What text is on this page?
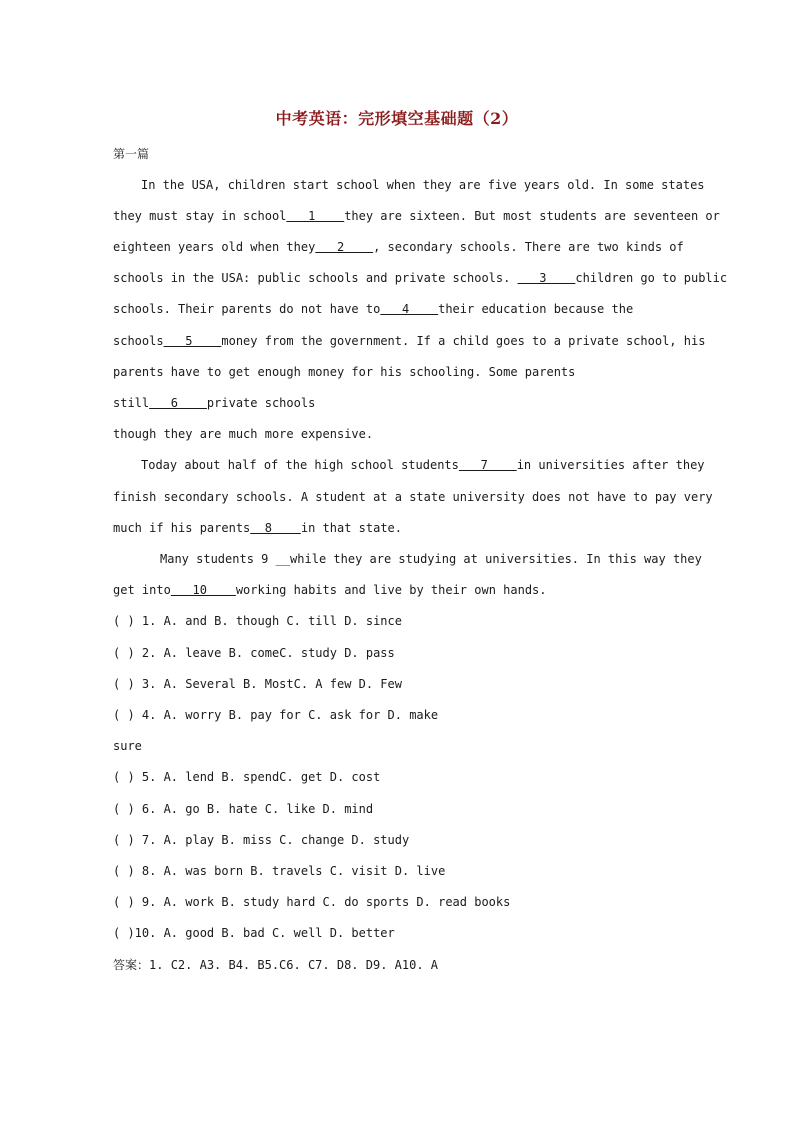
中考英语：完形填空基础题（2）
第一篇
In the USA, children start school when they are five years old. In some states
they must stay in school   1    they are sixteen. But most students are seventeen or
eighteen years old when they   2    , secondary schools. There are two kinds of
schools in the USA: public schools and private schools.    3    children go to public
schools. Their parents do not have to   4    their education because the
schools   5    money from the government. If a child goes to a private school, his
parents have to get enough money for his schooling. Some parents
still   6    private schools
though they are much more expensive.
Today about half of the high school students   7    in universities after they
finish secondary schools. A student at a state university does not have to pay very
much if his parents  8    in that state.
Many students 9 __while they are studying at universities. In this way they
get into   10    working habits and live by their own hands.
( ) 1. A. and B. though C. till D. since
( ) 2. A. leave B. comeC. study D. pass
( ) 3. A. Several B. MostC. A few D. Few
( ) 4. A. worry B. pay for C. ask for D. make
sure
( ) 5. A. lend B. spendC. get D. cost
( ) 6. A. go B. hate C. like D. mind
( ) 7. A. play B. miss C. change D. study
( ) 8. A. was born B. travels C. visit D. live
( ) 9. A. work B. study hard C. do sports D. read books
( )10. A. good B. bad C. well D. better
答案：1. C2. A3. B4. B5.C6. C7. D8. D9. A10. A
